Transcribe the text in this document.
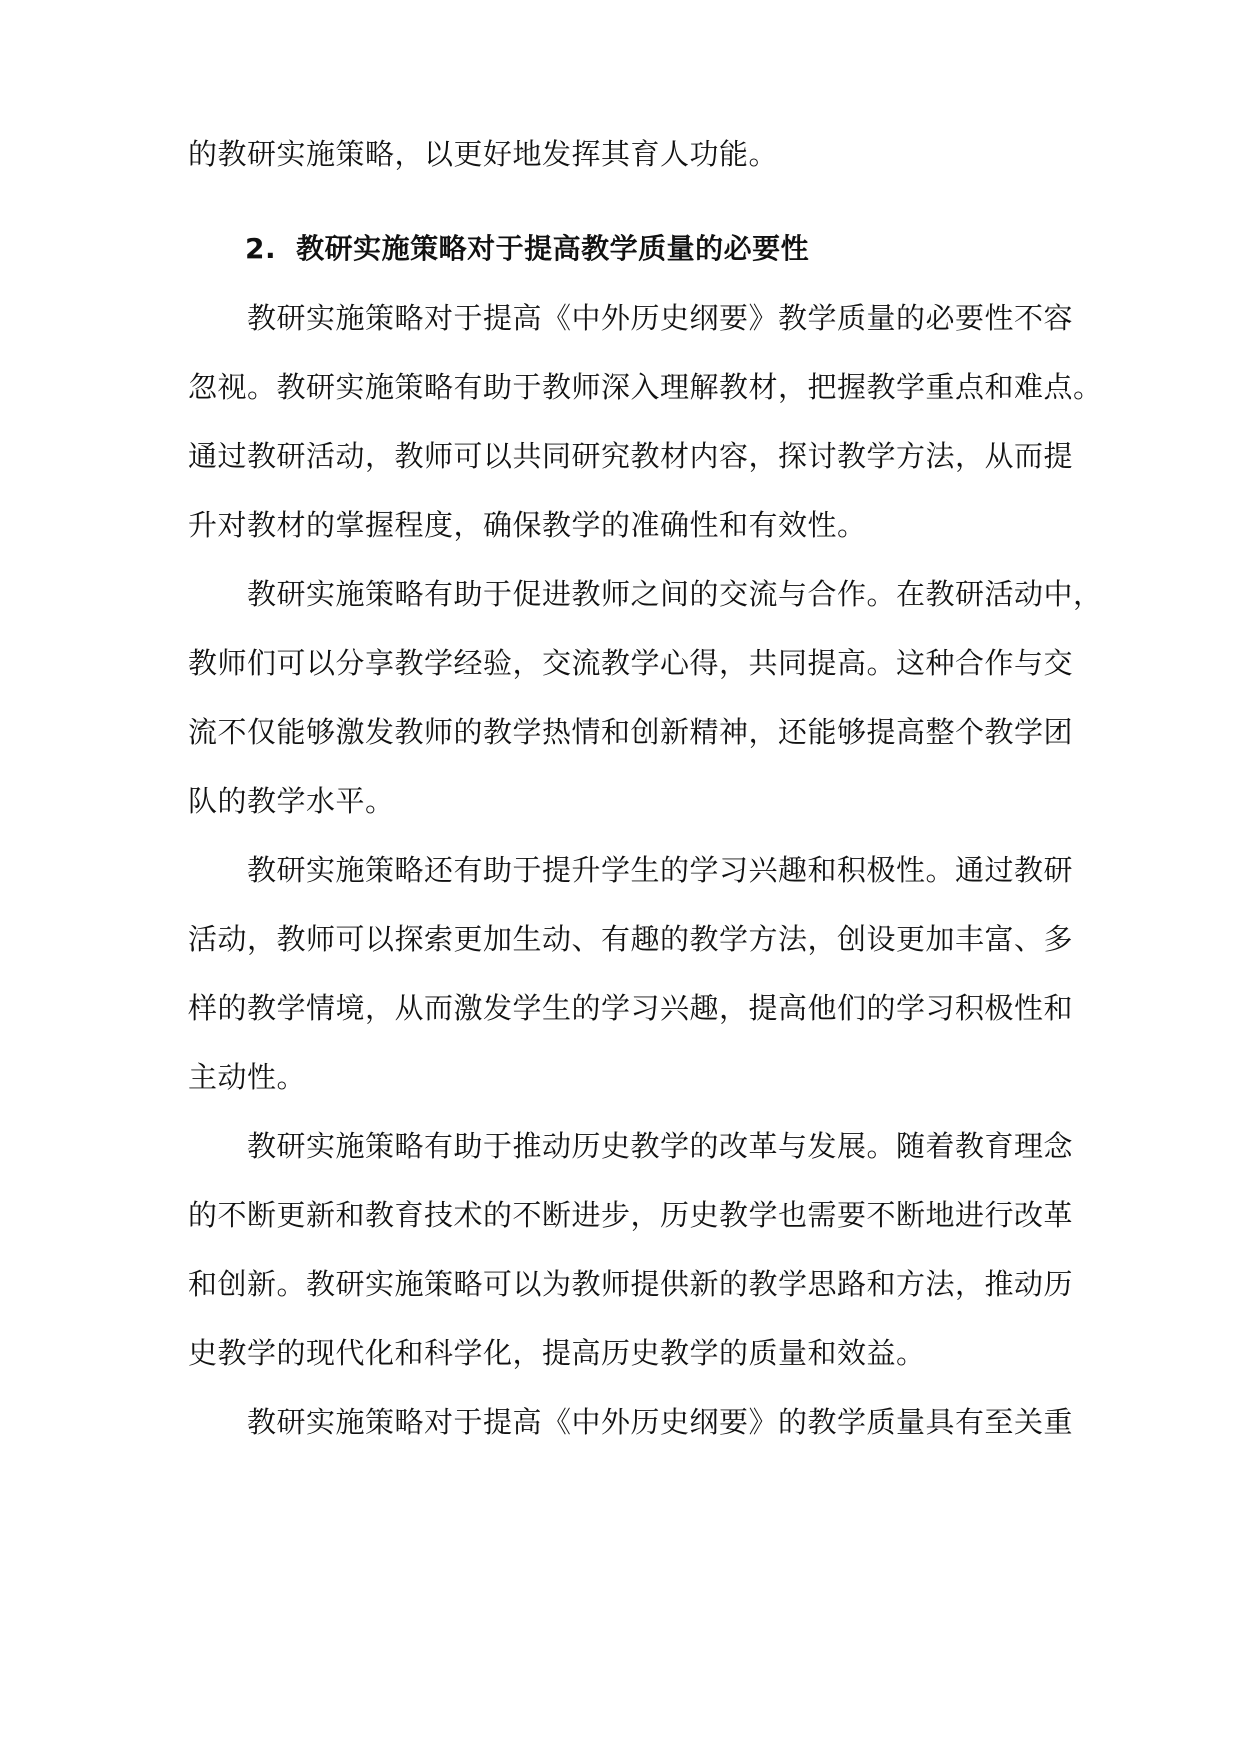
的教研实施策略，以更好地发挥其育人功能。
2. 教研实施策略对于提高教学质量的必要性
教研实施策略对于提高《中外历史纲要》教学质量的必要性不容
忽视。教研实施策略有助于教师深入理解教材，把握教学重点和难点。
通过教研活动，教师可以共同研究教材内容，探讨教学方法，从而提
升对教材的掌握程度，确保教学的准确性和有效性。
教研实施策略有助于促进教师之间的交流与合作。在教研活动中，
教师们可以分享教学经验，交流教学心得，共同提高。这种合作与交
流不仅能够激发教师的教学热情和创新精神，还能够提高整个教学团
队的教学水平。
教研实施策略还有助于提升学生的学习兴趣和积极性。通过教研
活动，教师可以探索更加生动、有趣的教学方法，创设更加丰富、多
样的教学情境，从而激发学生的学习兴趣，提高他们的学习积极性和
主动性。
教研实施策略有助于推动历史教学的改革与发展。随着教育理念
的不断更新和教育技术的不断进步，历史教学也需要不断地进行改革
和创新。教研实施策略可以为教师提供新的教学思路和方法，推动历
史教学的现代化和科学化，提高历史教学的质量和效益。
教研实施策略对于提高《中外历史纲要》的教学质量具有至关重
